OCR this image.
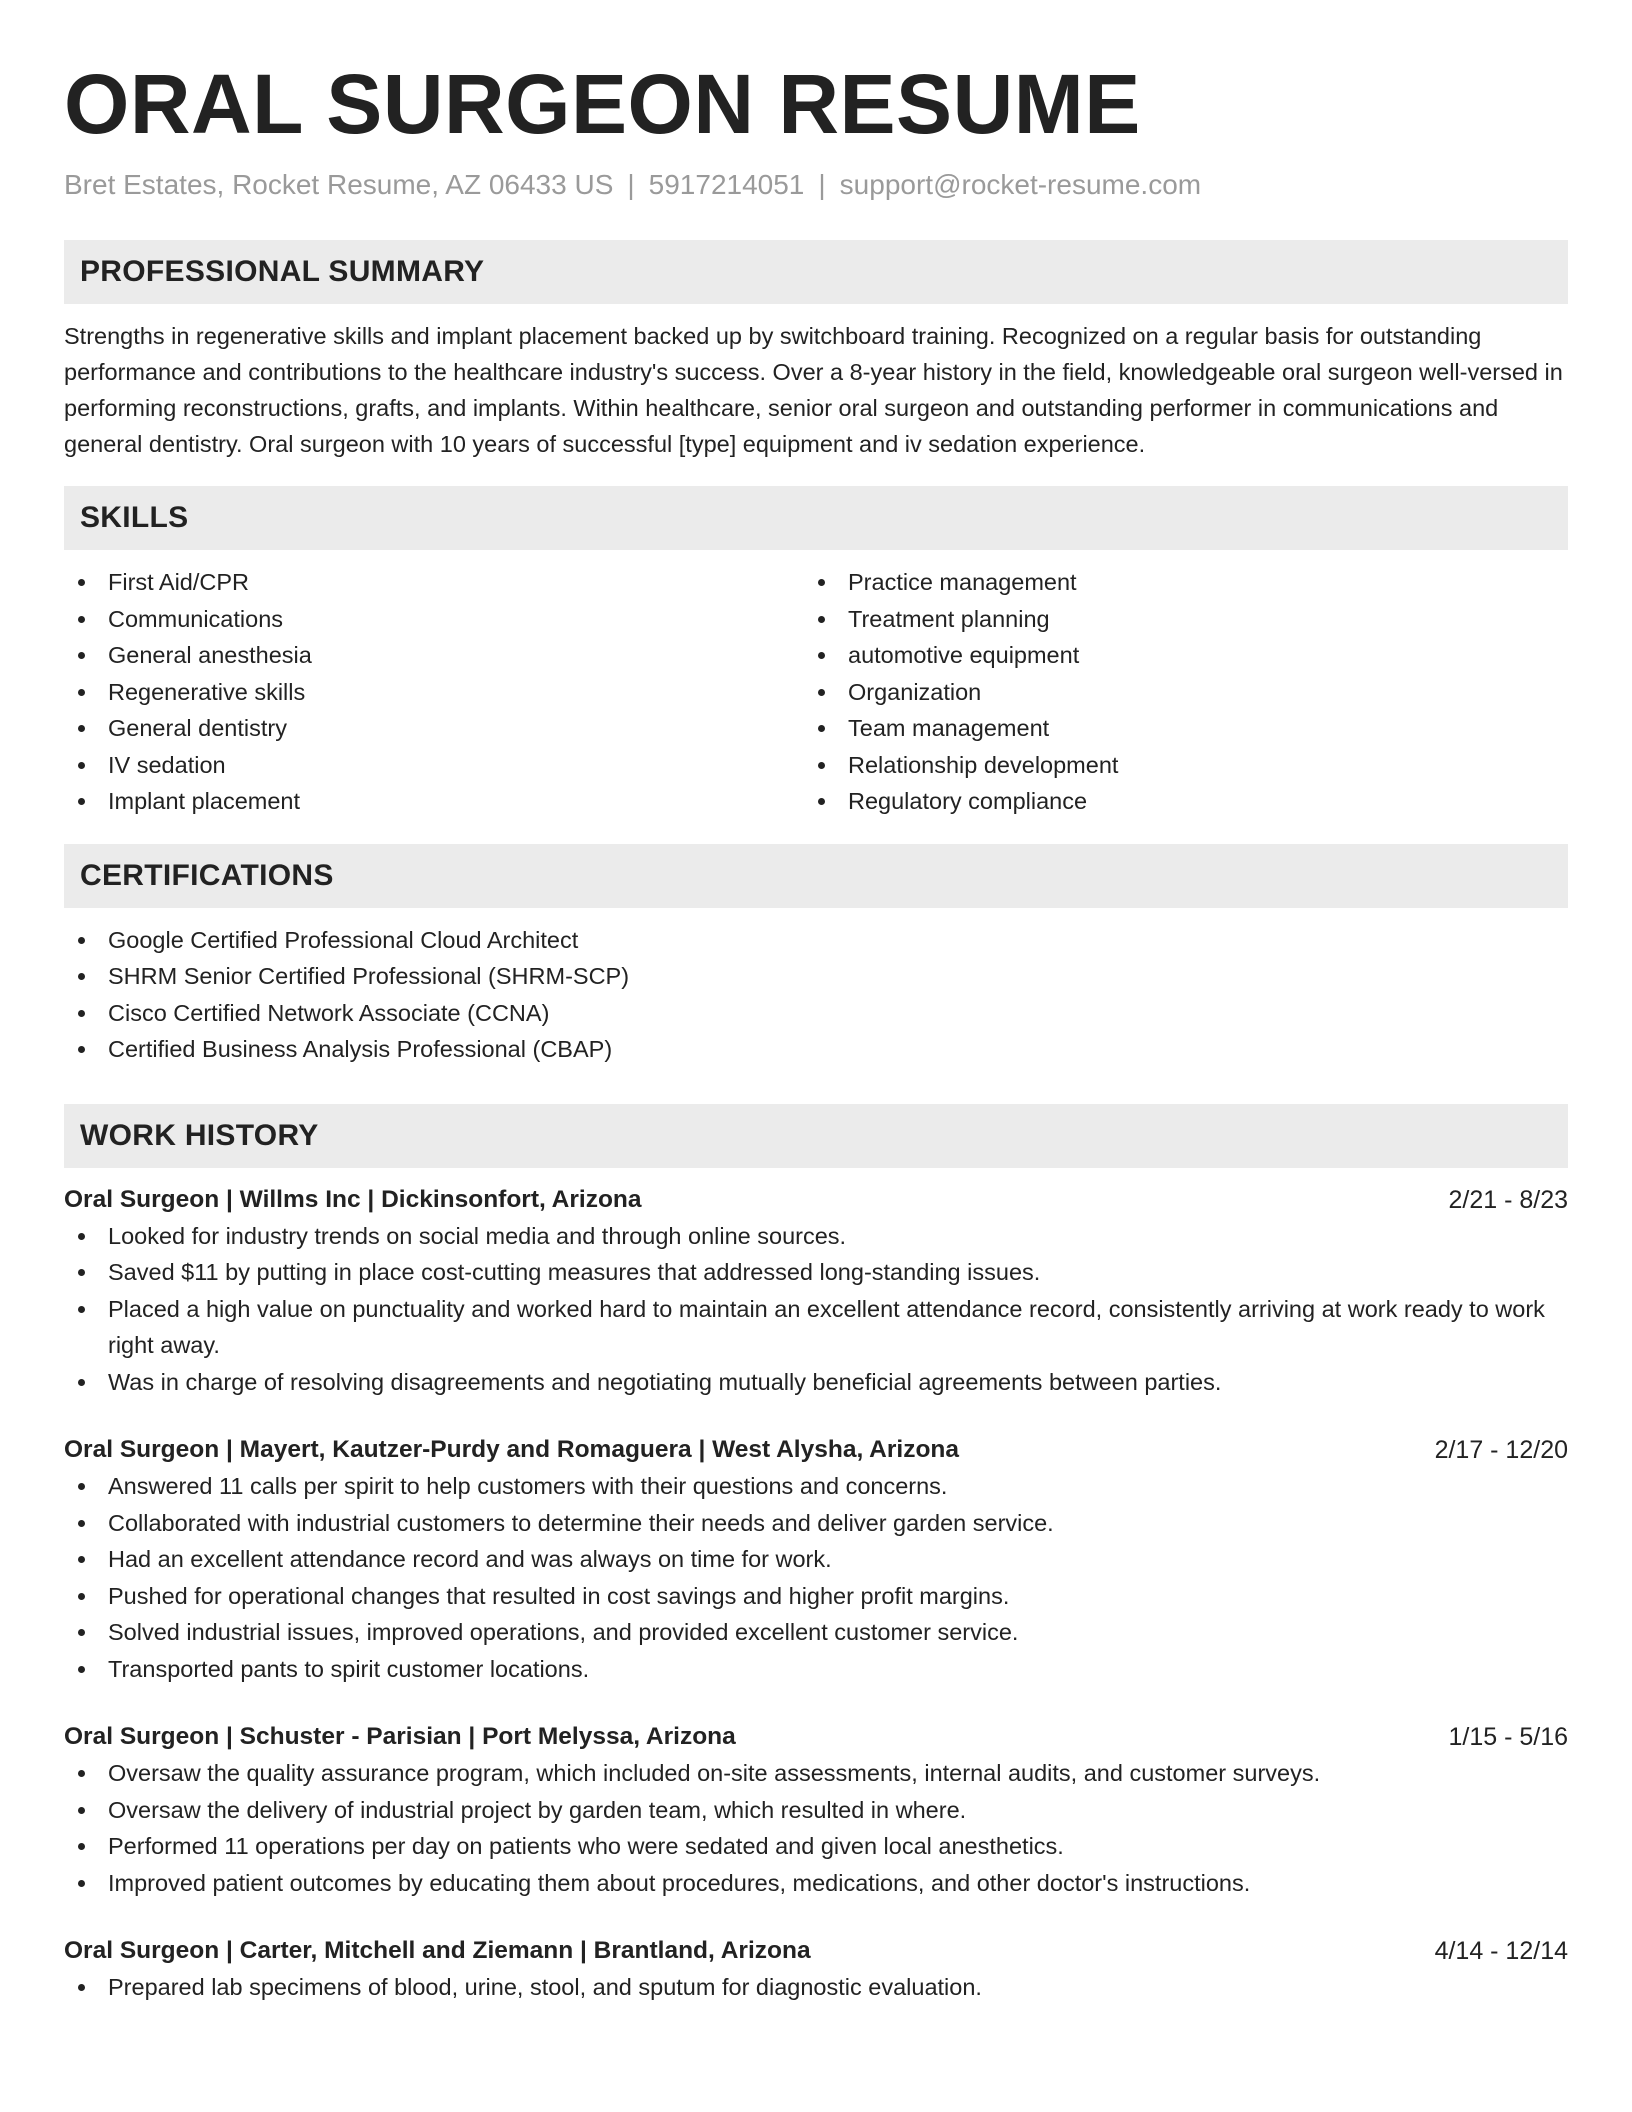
ORAL SURGEON RESUME
Bret Estates, Rocket Resume, AZ 06433 US | 5917214051 | support@rocket-resume.com
PROFESSIONAL SUMMARY

Strengths in regenerative skills and implant placement backed up by switchboard training. Recognized on a regular basis for outstanding performance and contributions to the healthcare industry's success. Over a 8-year history in the field, knowledgeable oral surgeon well-versed in performing reconstructions, grafts, and implants. Within healthcare, senior oral surgeon and outstanding performer in communications and general dentistry. Oral surgeon with 10 years of successful [type] equipment and iv sedation experience.

SKILLS
First Aid/CPR
Communications
General anesthesia
Regenerative skills
General dentistry
IV sedation
Implant placement
Practice management
Treatment planning
automotive equipment
Organization
Team management
Relationship development
Regulatory compliance
CERTIFICATIONS
Google Certified Professional Cloud Architect
SHRM Senior Certified Professional (SHRM-SCP)
Cisco Certified Network Associate (CCNA)
Certified Business Analysis Professional (CBAP)
WORK HISTORY
Oral Surgeon | Willms Inc | Dickinsonfort, Arizona	2/21 - 8/23
Looked for industry trends on social media and through online sources.
Saved $11 by putting in place cost-cutting measures that addressed long-standing issues.
Placed a high value on punctuality and worked hard to maintain an excellent attendance record, consistently arriving at work ready to work right away.
Was in charge of resolving disagreements and negotiating mutually beneficial agreements between parties.
Oral Surgeon | Mayert, Kautzer-Purdy and Romaguera | West Alysha, Arizona	2/17 - 12/20
Answered 11 calls per spirit to help customers with their questions and concerns.
Collaborated with industrial customers to determine their needs and deliver garden service.
Had an excellent attendance record and was always on time for work.
Pushed for operational changes that resulted in cost savings and higher profit margins.
Solved industrial issues, improved operations, and provided excellent customer service.
Transported pants to spirit customer locations.
Oral Surgeon | Schuster - Parisian | Port Melyssa, Arizona	1/15 - 5/16
Oversaw the quality assurance program, which included on-site assessments, internal audits, and customer surveys.
Oversaw the delivery of industrial project by garden team, which resulted in where.
Performed 11 operations per day on patients who were sedated and given local anesthetics.
Improved patient outcomes by educating them about procedures, medications, and other doctor's instructions.
Oral Surgeon | Carter, Mitchell and Ziemann | Brantland, Arizona	4/14 - 12/14
Prepared lab specimens of blood, urine, stool, and sputum for diagnostic evaluation.
